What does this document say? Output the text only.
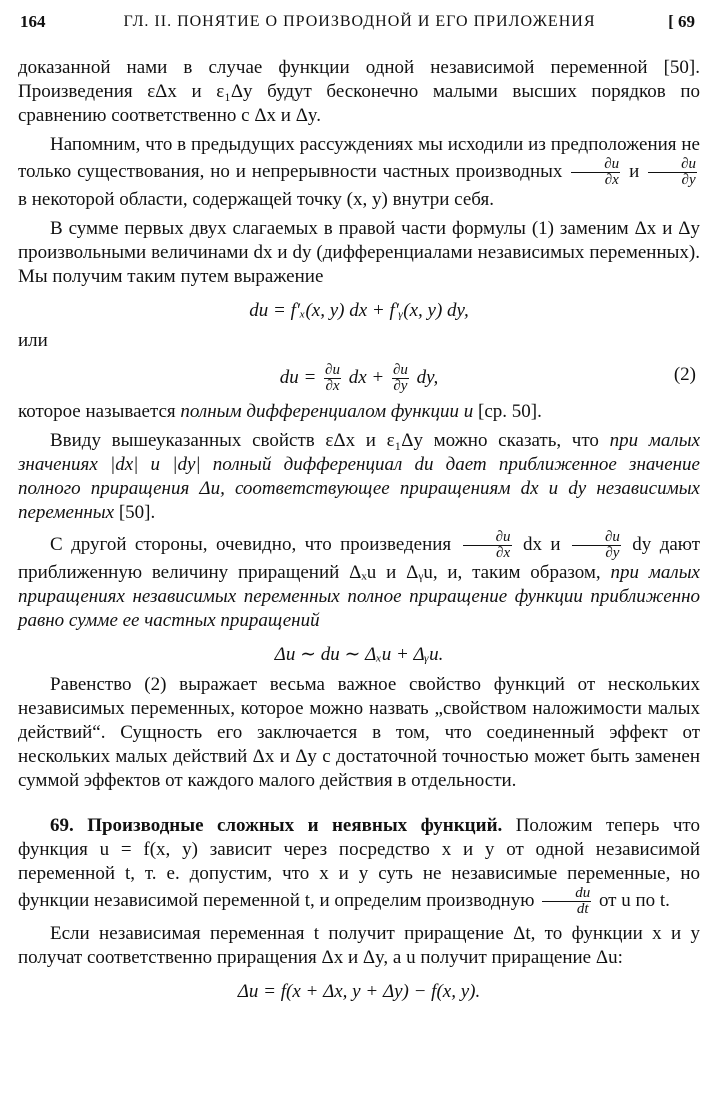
164	ГЛ. II. ПОНЯТИЕ О ПРОИЗВОДНОЙ И ЕГО ПРИЛОЖЕНИЯ	[ 69

доказанной нами в случае функции одной независимой переменной [50]. Произведения εΔx и ε₁Δy будут бесконечно малыми высших порядков по сравнению соответственно с Δx и Δy.

Напомним, что в предыдущих рассуждениях мы исходили из предположения не только существования, но и непрерывности частных производных $\frac{\partial u}{\partial x}$ и $\frac{\partial u}{\partial y}$
в некоторой области, содержащей точку (x, y) внутри себя.

В сумме первых двух слагаемых в правой части формулы (1) заменим Δx и Δy произвольными величинами dx и dy (дифференциалами независимых переменных). Мы получим таким путем выражение

du = f′ₓ(x, y) dx + f′ᵧ(x, y) dy,

или

du = $\frac{\partial u}{\partial x}$ dx + $\frac{\partial u}{\partial y}$ dy,	(2)

которое называется полным дифференциалом функции u [ср. 50].

Ввиду вышеуказанных свойств εΔx и ε₁Δy можно сказать, что при малых значениях |dx| и |dy| полный дифференциал du дает приближенное значение полного приращения Δu, соответствующее приращениям dx и dy независимых переменных [50].

С другой стороны, очевидно, что произведения $\frac{\partial u}{\partial x}$ dx и $\frac{\partial u}{\partial y}$ dy дают приближенную величину приращений Δₓu и Δᵧu, и, таким образом, при малых приращениях независимых переменных полное приращение функции приближенно равно сумме ее частных приращений

Δu ∼ du ∼ Δₓu + Δᵧu.

Равенство (2) выражает весьма важное свойство функций от нескольких независимых переменных, которое можно назвать „свойством наложимости малых действий“. Сущность его заключается в том, что соединенный эффект от нескольких малых действий Δx и Δy с достаточной точностью может быть заменен суммой эффектов от каждого малого действия в отдельности.

69. Производные сложных и неявных функций. Положим теперь что функция u = f(x, y) зависит через посредство x и y от одной независимой переменной t, т. е. допустим, что x и y суть не независимые переменные, но функции независимой переменной t, и определим производную $\frac{du}{dt}$ от u по t.

Если независимая переменная t получит приращение Δt, то функции x и y получат соответственно приращения Δx и Δy, а u получит приращение Δu:

Δu = f(x + Δx, y + Δy) − f(x, y).
